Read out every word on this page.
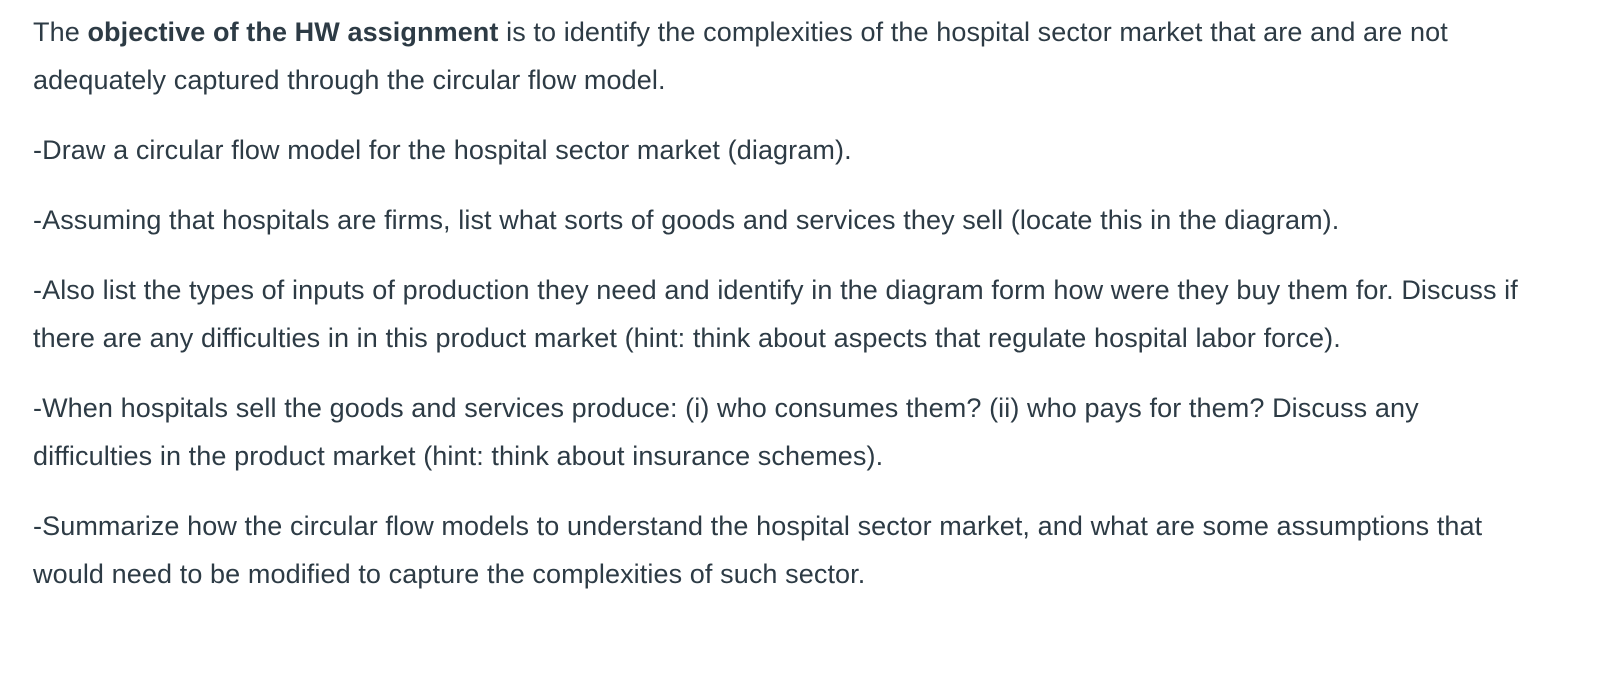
The objective of the HW assignment is to identify the complexities of the hospital sector market that are and are not adequately captured through the circular flow model.

-Draw a circular flow model for the hospital sector market (diagram).

-Assuming that hospitals are firms, list what sorts of goods and services they sell (locate this in the diagram).

-Also list the types of inputs of production they need and identify in the diagram form how were they buy them for. Discuss if there are any difficulties in in this product market (hint: think about aspects that regulate hospital labor force).

-When hospitals sell the goods and services produce: (i) who consumes them? (ii) who pays for them? Discuss any difficulties in the product market (hint: think about insurance schemes).

-Summarize how the circular flow models to understand the hospital sector market, and what are some assumptions that would need to be modified to capture the complexities of such sector.
